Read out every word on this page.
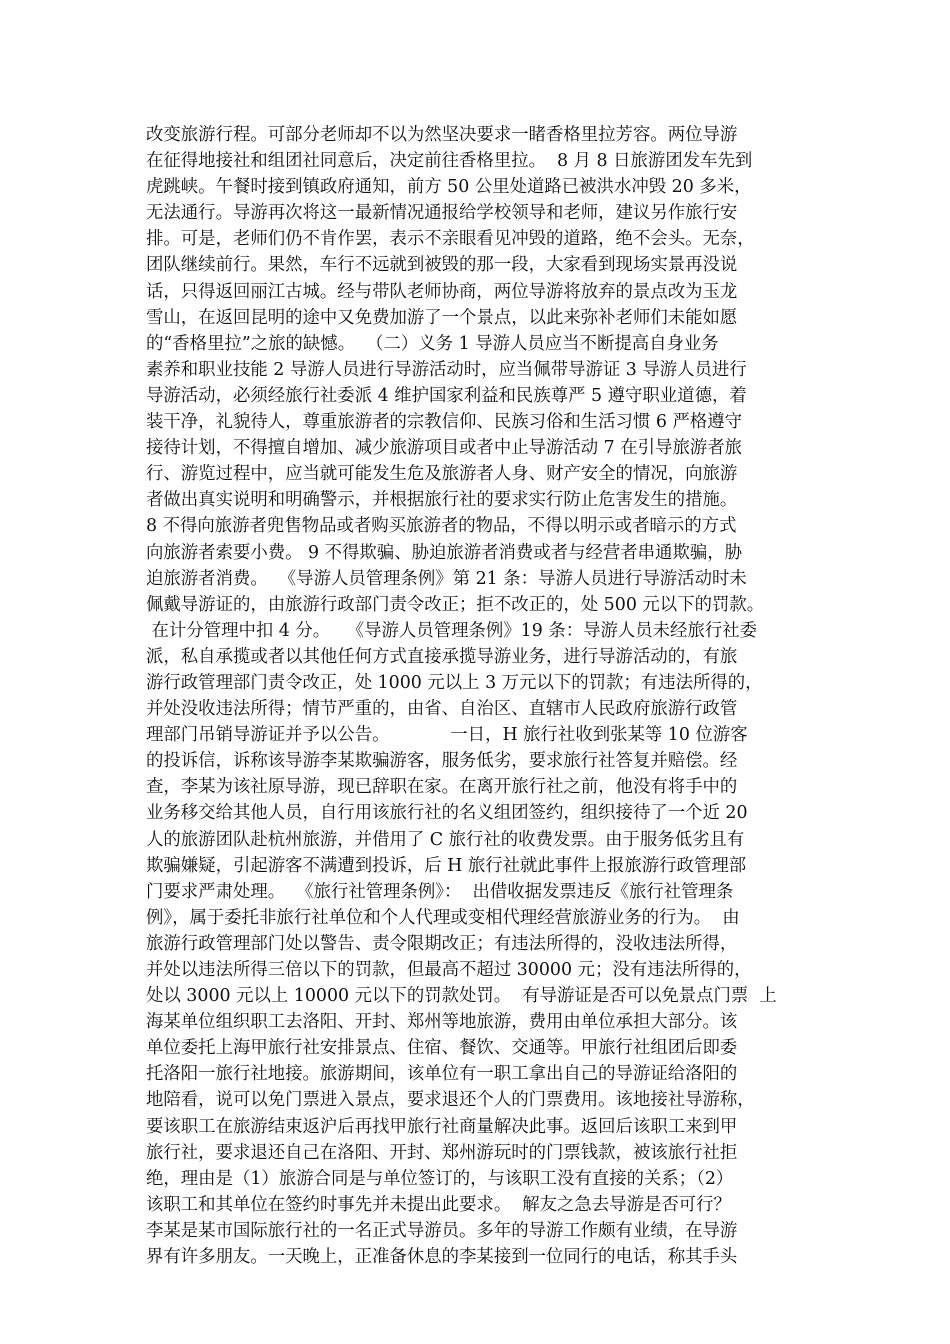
改变旅游行程。可部分老师却不以为然坚决要求一睹香格里拉芳容。两位导游
在征得地接社和组团社同意后，决定前往香格里拉。  8 月 8 日旅游团发车先到
虎跳峡。午餐时接到镇政府通知，前方 50 公里处道路已被洪水冲毁 20 多米，
无法通行。导游再次将这一最新情况通报给学校领导和老师，建议另作旅行安
排。可是，老师们仍不肯作罢，表示不亲眼看见冲毁的道路，绝不会头。无奈，
团队继续前行。果然，车行不远就到被毁的那一段，大家看到现场实景再没说
话，只得返回丽江古城。经与带队老师协商，两位导游将放弃的景点改为玉龙
雪山，在返回昆明的途中又免费加游了一个景点，以此来弥补老师们未能如愿
的“香格里拉”之旅的缺憾。  （二）义务 1 导游人员应当不断提高自身业务
素养和职业技能 2 导游人员进行导游活动时，应当佩带导游证 3 导游人员进行
导游活动，必须经旅行社委派 4 维护国家利益和民族尊严 5 遵守职业道德，着
装干净，礼貌待人，尊重旅游者的宗教信仰、民族习俗和生活习惯 6 严格遵守
接待计划，不得擅自增加、减少旅游项目或者中止导游活动 7 在引导旅游者旅
行、游览过程中，应当就可能发生危及旅游者人身、财产安全的情况，向旅游
者做出真实说明和明确警示，并根据旅行社的要求实行防止危害发生的措施。
8 不得向旅游者兜售物品或者购买旅游者的物品，不得以明示或者暗示的方式
向旅游者索要小费。 9 不得欺骗、胁迫旅游者消费或者与经营者串通欺骗，胁
迫旅游者消费。  《导游人员管理条例》第 21 条：导游人员进行导游活动时未
佩戴导游证的，由旅游行政部门责令改正；拒不改正的，处 500 元以下的罚款。
在计分管理中扣 4 分。   《导游人员管理条例》19 条：导游人员未经旅行社委
派，私自承揽或者以其他任何方式直接承揽导游业务，进行导游活动的，有旅
游行政管理部门责令改正，处 1000 元以上 3 万元以下的罚款；有违法所得的，
并处没收违法所得；情节严重的，由省、自治区、直辖市人民政府旅游行政管
理部门吊销导游证并予以公告。           一日，H 旅行社收到张某等 10 位游客
的投诉信，诉称该导游李某欺骗游客，服务低劣，要求旅行社答复并赔偿。经
查，李某为该社原导游，现已辞职在家。在离开旅行社之前，他没有将手中的
业务移交给其他人员，自行用该旅行社的名义组团签约，组织接待了一个近 20
人的旅游团队赴杭州旅游，并借用了 C 旅行社的收费发票。由于服务低劣且有
欺骗嫌疑，引起游客不满遭到投诉，后 H 旅行社就此事件上报旅游行政管理部
门要求严肃处理。  《旅行社管理条例》：  出借收据发票违反《旅行社管理条
例》，属于委托非旅行社单位和个人代理或变相代理经营旅游业务的行为。  由
旅游行政管理部门处以警告、责令限期改正；有违法所得的，没收违法所得，
并处以违法所得三倍以下的罚款，但最高不超过 30000 元；没有违法所得的，
处以 3000 元以上 10000 元以下的罚款处罚。  有导游证是否可以免景点门票  上
海某单位组织职工去洛阳、开封、郑州等地旅游，费用由单位承担大部分。该
单位委托上海甲旅行社安排景点、住宿、餐饮、交通等。甲旅行社组团后即委
托洛阳一旅行社地接。旅游期间，该单位有一职工拿出自己的导游证给洛阳的
地陪看，说可以免门票进入景点，要求退还个人的门票费用。该地接社导游称，
要该职工在旅游结束返沪后再找甲旅行社商量解决此事。返回后该职工来到甲
旅行社，要求退还自己在洛阳、开封、郑州游玩时的门票钱款，被该旅行社拒
绝，理由是（1）旅游合同是与单位签订的，与该职工没有直接的关系；（2）
该职工和其单位在签约时事先并未提出此要求。  解友之急去导游是否可行？
李某是某市国际旅行社的一名正式导游员。多年的导游工作颇有业绩，在导游
界有许多朋友。一天晚上，正准备休息的李某接到一位同行的电话，称其手头
